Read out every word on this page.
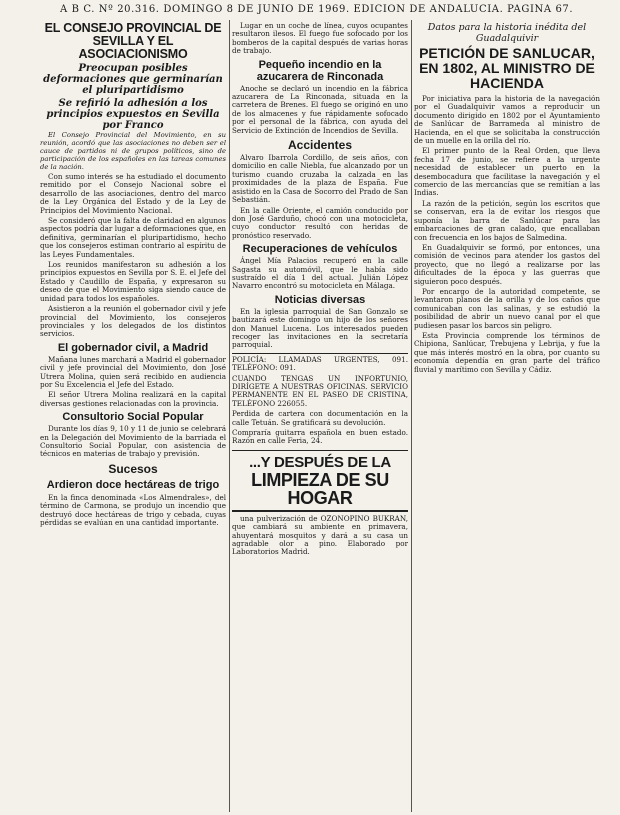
A B C. Nº 20.316. DOMINGO 8 DE JUNIO DE 1969. EDICION DE ANDALUCIA. PAGINA 67.
EL CONSEJO PROVINCIAL DE SEVILLA Y EL ASOCIACIONISMO
Preocupan posibles deformaciones que germinarían el pluripartidismo
Se refirió la adhesión a los principios expuestos en Sevilla por Franco

El Consejo Provincial del Movimiento, en su reunión, acordó que las asociaciones no deben ser el cauce de partidos ni de grupos políticos, sino de participación de los españoles en las tareas comunes de la nación.

Con sumo interés se ha estudiado el documento remitido por el Consejo Nacional sobre el desarrollo de las asociaciones, dentro del marco de la Ley Orgánica del Estado y de la Ley de Principios del Movimiento Nacional.

Se consideró que la falta de claridad en algunos aspectos podría dar lugar a deformaciones que, en definitiva, germinarían el pluripartidismo, hecho que los consejeros estiman contrario al espíritu de las Leyes Fundamentales.

Los reunidos manifestaron su adhesión a los principios expuestos en Sevilla por S. E. el Jefe del Estado y Caudillo de España, y expresaron su deseo de que el Movimiento siga siendo cauce de unidad para todos los españoles.

Asistieron a la reunión el gobernador civil y jefe provincial del Movimiento, los consejeros provinciales y los delegados de los distintos servicios.

El gobernador civil, a Madrid

Mañana lunes marchará a Madrid el gobernador civil y jefe provincial del Movimiento, don José Utrera Molina, quien será recibido en audiencia por Su Excelencia el Jefe del Estado.

El señor Utrera Molina realizará en la capital diversas gestiones relacionadas con la provincia.

Consultorio Social Popular

Durante los días 9, 10 y 11 de junio se celebrará en la Delegación del Movimiento de la barriada el Consultorio Social Popular, con asistencia de técnicos en materias de trabajo y previsión.

Sucesos
Ardieron doce hectáreas de trigo

En la finca denominada «Los Almendrales», del término de Carmona, se produjo un incendio que destruyó doce hectáreas de trigo y cebada, cuyas pérdidas se evalúan en una cantidad importante.

Lugar en un coche de línea, cuyos ocupantes resultaron ilesos. El fuego fue sofocado por los bomberos de la capital después de varias horas de trabajo.

Pequeño incendio en la azucarera de Rinconada

Anoche se declaró un incendio en la fábrica azucarera de La Rinconada, situada en la carretera de Brenes. El fuego se originó en uno de los almacenes y fue rápidamente sofocado por el personal de la fábrica, con ayuda del Servicio de Extinción de Incendios de Sevilla.

Accidentes

Alvaro Ibarrola Cordillo, de seis años, con domicilio en calle Niebla, fue alcanzado por un turismo cuando cruzaba la calzada en las proximidades de la plaza de España. Fue asistido en la Casa de Socorro del Prado de San Sebastián.

En la calle Oriente, el camión conducido por don José Garduño, chocó con una motocicleta, cuyo conductor resultó con heridas de pronóstico reservado.

Recuperaciones de vehículos

Ángel Mía Palacios recuperó en la calle Sagasta su automóvil, que le había sido sustraído el día 1 del actual. Julián López Navarro encontró su motocicleta en Málaga.

Noticias diversas

En la iglesia parroquial de San Gonzalo se bautizará este domingo un hijo de los señores don Manuel Lucena. Los interesados pueden recoger las invitaciones en la secretaría parroquial.

POLICÍA: LLAMADAS URGENTES, 091. TELÉFONO: 091.

CUANDO TENGAS UN INFORTUNIO, DIRÍGETE A NUESTRAS OFICINAS. SERVICIO PERMANENTE EN EL PASEO DE CRISTINA, TELÉFONO 226055.

Perdida de cartera con documentación en la calle Tetuán. Se gratificará su devolución.

Compraría guitarra española en buen estado. Razón en calle Feria, 24.

...Y DESPUÉS DE LA
LIMPIEZA DE SU HOGAR

una pulverización de OZONOPINO BUKRAN, que cambiará su ambiente en primavera, ahuyentará mosquitos y dará a su casa un agradable olor a pino. Elaborado por Laboratorios Madrid.

Datos para la historia inédita del Guadalquivir
PETICIÓN DE SANLUCAR, EN 1802, AL MINISTRO DE HACIENDA

Por iniciativa para la historia de la navegación por el Guadalquivir vamos a reproducir un documento dirigido en 1802 por el Ayuntamiento de Sanlúcar de Barrameda al ministro de Hacienda, en el que se solicitaba la construcción de un muelle en la orilla del río.

El primer punto de la Real Orden, que lleva fecha 17 de junio, se refiere a la urgente necesidad de establecer un puerto en la desembocadura que facilitase la navegación y el comercio de las mercancías que se remitían a las Indias.

La razón de la petición, según los escritos que se conservan, era la de evitar los riesgos que suponía la barra de Sanlúcar para las embarcaciones de gran calado, que encallaban con frecuencia en los bajos de Salmedina.

En Guadalquivir se formó, por entonces, una comisión de vecinos para atender los gastos del proyecto, que no llegó a realizarse por las dificultades de la época y las guerras que siguieron poco después.

Por encargo de la autoridad competente, se levantaron planos de la orilla y de los caños que comunicaban con las salinas, y se estudió la posibilidad de abrir un nuevo canal por el que pudiesen pasar los barcos sin peligro.

Esta Provincia comprende los términos de Chipiona, Sanlúcar, Trebujena y Lebrija, y fue la que más interés mostró en la obra, por cuanto su economía dependía en gran parte del tráfico fluvial y marítimo con Sevilla y Cádiz.
